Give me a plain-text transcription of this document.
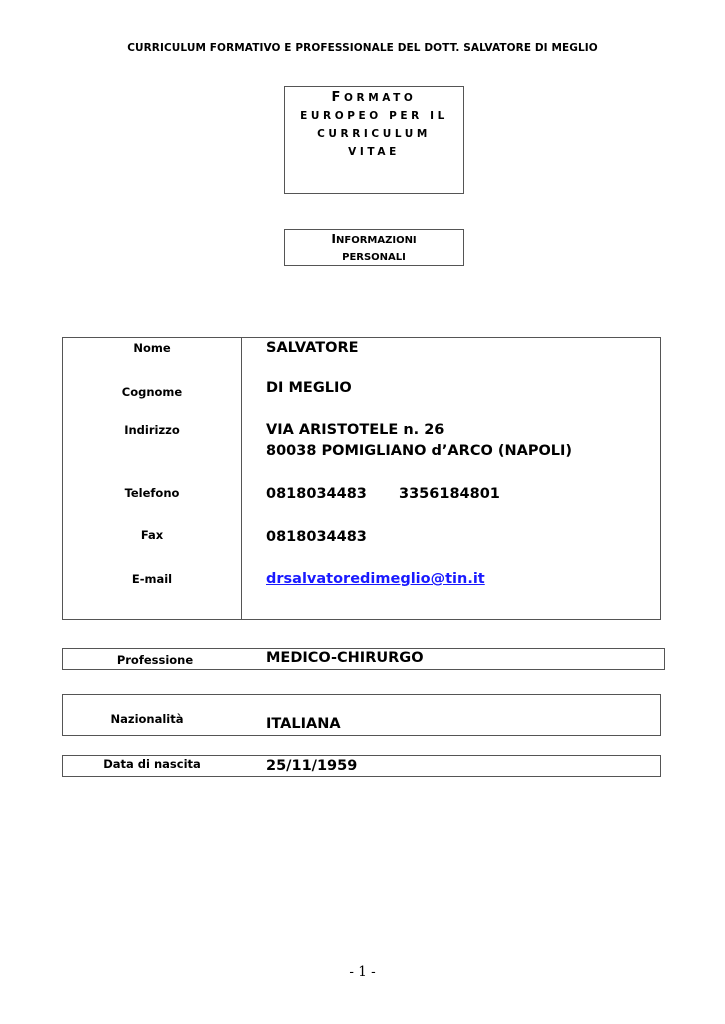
CURRICULUM FORMATIVO E PROFESSIONALE DEL DOTT. SALVATORE DI MEGLIO
FORMATO
EUROPEO PER IL
CURRICULUM
VITAE
INFORMAZIONI
PERSONALI
Nome	SALVATORE
Cognome	DI MEGLIO
Indirizzo	VIA ARISTOTELE n. 26
80038 POMIGLIANO d’ARCO (NAPOLI)
Telefono	0818034483 3356184801
Fax	0818034483
E-mail	drsalvatoredimeglio@tin.it
Professione	MEDICO-CHIRURGO
Nazionalità	ITALIANA
Data di nascita	25/11/1959
- 1 -
